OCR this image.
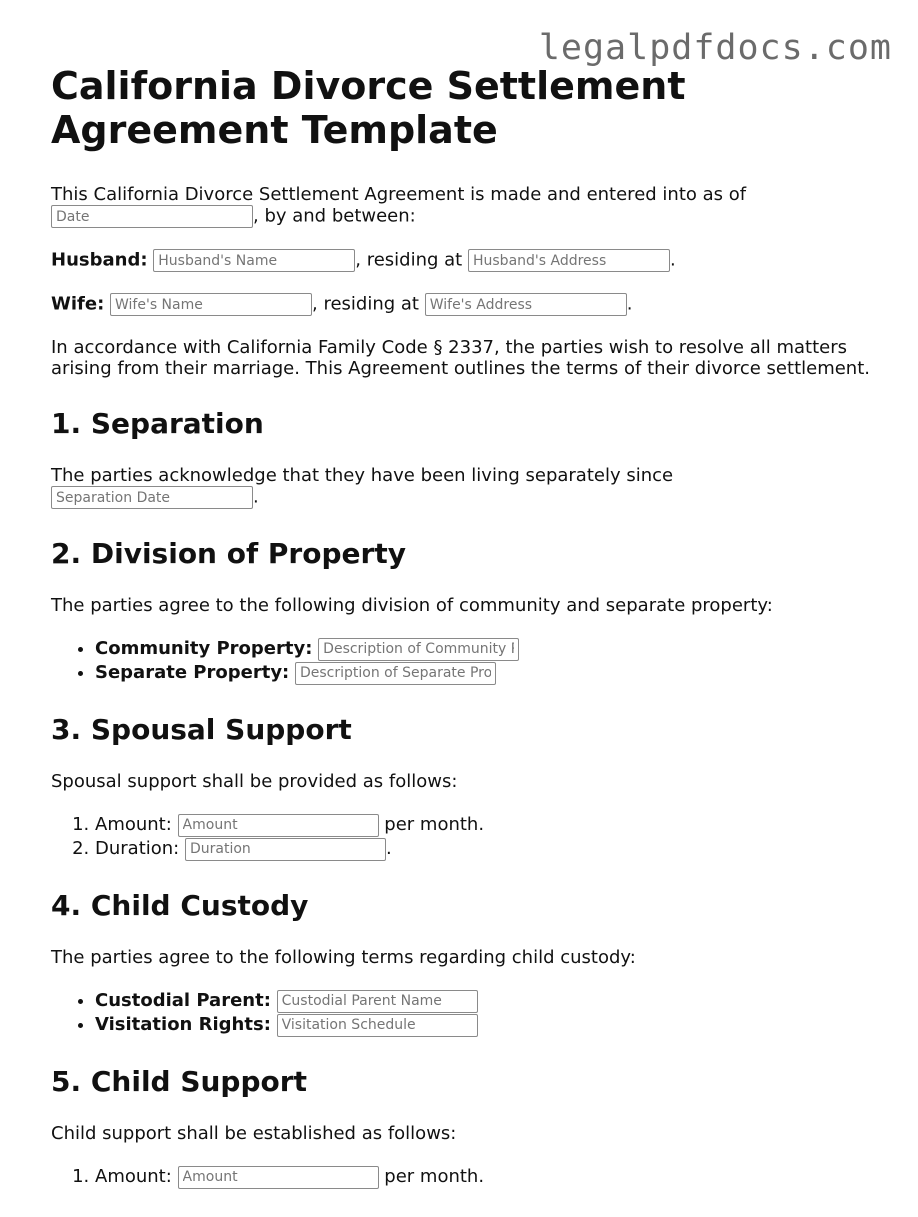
legalpdfdocs.com
California Divorce Settlement Agreement Template

This California Divorce Settlement Agreement is made and entered into as of
Date, by and between:

Husband: Husband's Name	, residing at Husband's Address	.

Wife: Wife's Name	, residing at Wife's Address	.

In accordance with California Family Code § 2337, the parties wish to resolve all matters arising from their marriage. This Agreement outlines the terms of their divorce settlement.

1. Separation

The parties acknowledge that they have been living separately since
Separation Date.

2. Division of Property

The parties agree to the following division of community and separate property:

• Community Property: Description of Community Property
• Separate Property: Description of Separate Property
3. Spousal Support

Spousal support shall be provided as follows:

1. Amount: Amount	per month.
2. Duration: Duration	.
4. Child Custody

The parties agree to the following terms regarding child custody:

• Custodial Parent: Custodial Parent Name
• Visitation Rights: Visitation Schedule
5. Child Support

Child support shall be established as follows:

1. Amount: Amount	per month.
